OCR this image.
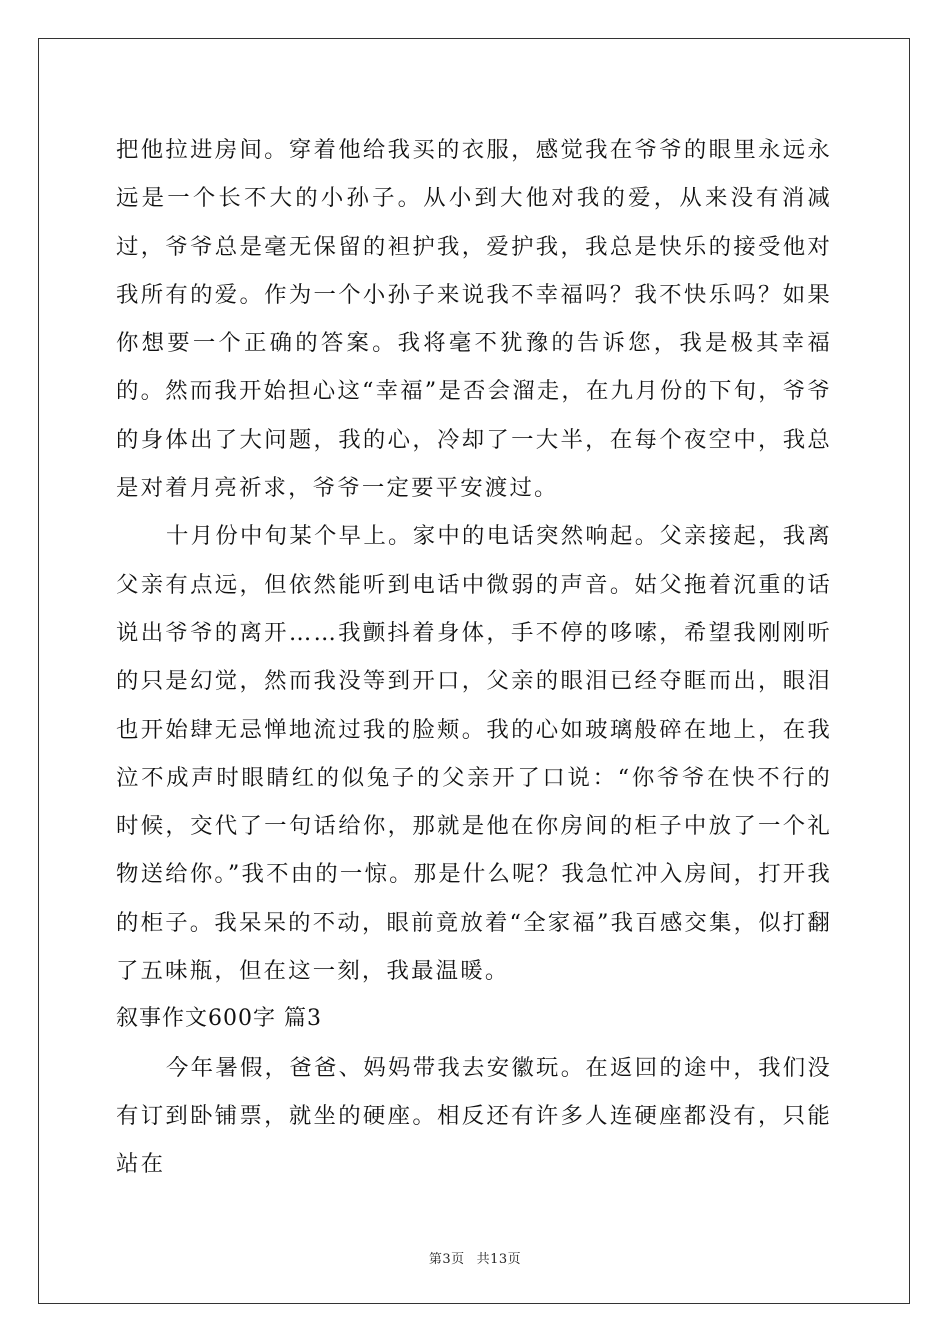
把他拉进房间。穿着他给我买的衣服，感觉我在爷爷的眼里永远永远是一个长不大的小孙子。从小到大他对我的爱，从来没有消减过，爷爷总是毫无保留的袒护我，爱护我，我总是快乐的接受他对我所有的爱。作为一个小孙子来说我不幸福吗？我不快乐吗？如果你想要一个正确的答案。我将毫不犹豫的告诉您，我是极其幸福的。然而我开始担心这“幸福”是否会溜走，在九月份的下旬，爷爷的身体出了大问题，我的心，冷却了一大半，在每个夜空中，我总是对着月亮祈求，爷爷一定要平安渡过。

十月份中旬某个早上。家中的电话突然响起。父亲接起，我离父亲有点远，但依然能听到电话中微弱的声音。姑父拖着沉重的话说出爷爷的离开……我颤抖着身体，手不停的哆嗦，希望我刚刚听的只是幻觉，然而我没等到开口，父亲的眼泪已经夺眶而出，眼泪也开始肆无忌惮地流过我的脸颊。我的心如玻璃般碎在地上，在我泣不成声时眼睛红的似兔子的父亲开了口说：“你爷爷在快不行的时候，交代了一句话给你，那就是他在你房间的柜子中放了一个礼物送给你。”我不由的一惊。那是什么呢？我急忙冲入房间，打开我的柜子。我呆呆的不动，眼前竟放着“全家福”我百感交集，似打翻了五味瓶，但在这一刻，我最温暖。

叙事作文600字 篇3

今年暑假，爸爸、妈妈带我去安徽玩。在返回的途中，我们没有订到卧铺票，就坐的硬座。相反还有许多人连硬座都没有，只能站在

第3页 共13页
